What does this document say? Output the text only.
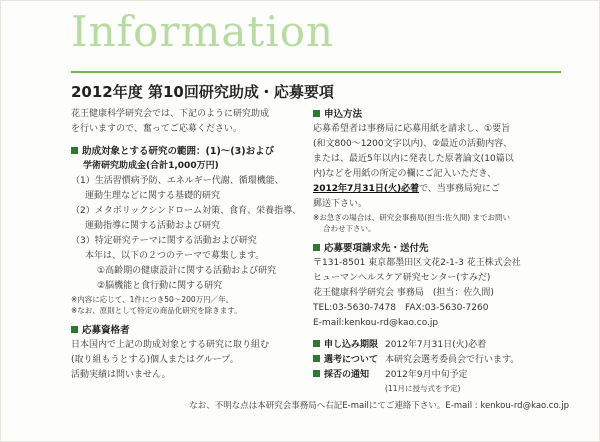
Information
2012年度 第10回研究助成・応募要項
花王健康科学研究会では、下記のように研究助成
を行いますので、奮ってご応募ください。
助成対象とする研究の範囲：(1)〜(3)および
学術研究助成金(合計1,000万円)
（1）生活習慣病予防、エネルギー代謝、循環機能、
運動生理などに関する基礎的研究
（2）メタボリックシンドローム対策、食育、栄養指導、
運動指導に関する活動および研究
（3）特定研究テーマに関する活動および研究
本年は、以下の２つのテーマで募集します。
①高齢期の健康設計に関する活動および研究
②脳機能と食行動に関する研究
※内容に応じて、1件につき50〜200万円／年。
※なお、原則として特定の商品化研究を除きます。
応募資格者
日本国内で上記の助成対象とする研究に取り組む
(取り組もうとする)個人またはグループ。
活動実績は問いません。
申込方法
応募希望者は事務局に応募用紙を請求し、①要旨
(和文800〜1200文字以内)、②最近の活動内容、
または、最近5年以内に発表した原著論文(10篇以
内)などを用紙の所定の欄にご記入いただき、
2012年7月31日(火)必着で、当事務局宛にご
郵送下さい。
※お急ぎの場合は、研究会事務局(担当:佐久間) までお問い
合わせ下さい。
応募要項請求先・送付先
〒131-8501 東京都墨田区文花2-1-3 花王株式会社
ヒューマンヘルスケア研究センター(すみだ)
花王健康科学研究会 事務局　(担当：佐久間)
TEL:03-5630-7478　FAX:03-5630-7260
E-mail:kenkou-rd@kao.co.jp
申し込み期限 2012年7月31日(火)必着
選考について 本研究会選考委員会で行います。
採否の通知	2012年9月中旬予定
(11月に授与式を予定)
なお、不明な点は本研究会事務局へ右記E-mailにてご連絡下さい。E-mail : kenkou-rd@kao.co.jp
